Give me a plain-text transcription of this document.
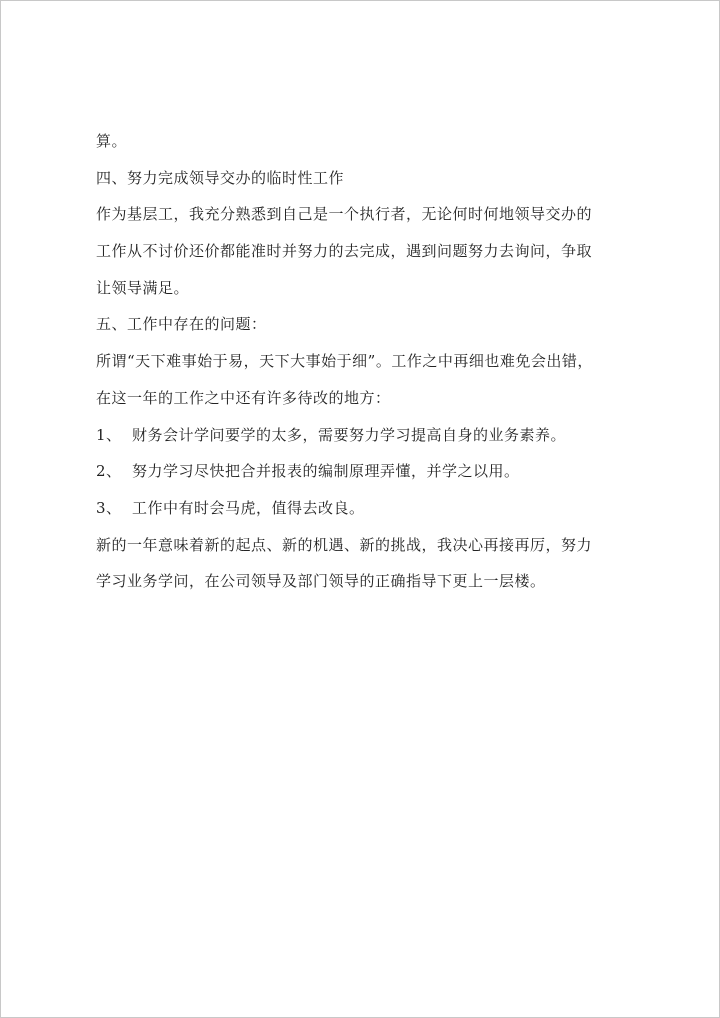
算。
四、努力完成领导交办的临时性工作
作为基层工，我充分熟悉到自己是一个执行者，无论何时何地领导交办的
工作从不讨价还价都能准时并努力的去完成，遇到问题努力去询问，争取
让领导满足。
五、工作中存在的问题：
所谓“天下难事始于易，天下大事始于细”。工作之中再细也难免会出错，
在这一年的工作之中还有许多待改的地方：
1、 财务会计学问要学的太多，需要努力学习提高自身的业务素养。
2、 努力学习尽快把合并报表的编制原理弄懂，并学之以用。
3、 工作中有时会马虎，值得去改良。
新的一年意味着新的起点、新的机遇、新的挑战，我决心再接再厉，努力
学习业务学问，在公司领导及部门领导的正确指导下更上一层楼。
